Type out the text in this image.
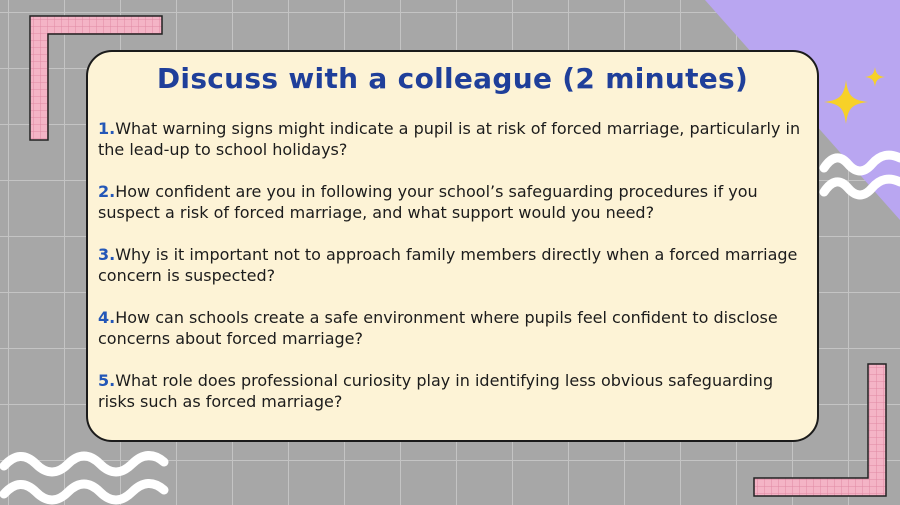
Discuss with a colleague (2 minutes)

1.What warning signs might indicate a pupil is at risk of forced marriage, particularly in the lead-up to school holidays?

2.How confident are you in following your school’s safeguarding procedures if you suspect a risk of forced marriage, and what support would you need?

3.Why is it important not to approach family members directly when a forced marriage concern is suspected?

4.How can schools create a safe environment where pupils feel confident to disclose concerns about forced marriage?

5.What role does professional curiosity play in identifying less obvious safeguarding risks such as forced marriage?
